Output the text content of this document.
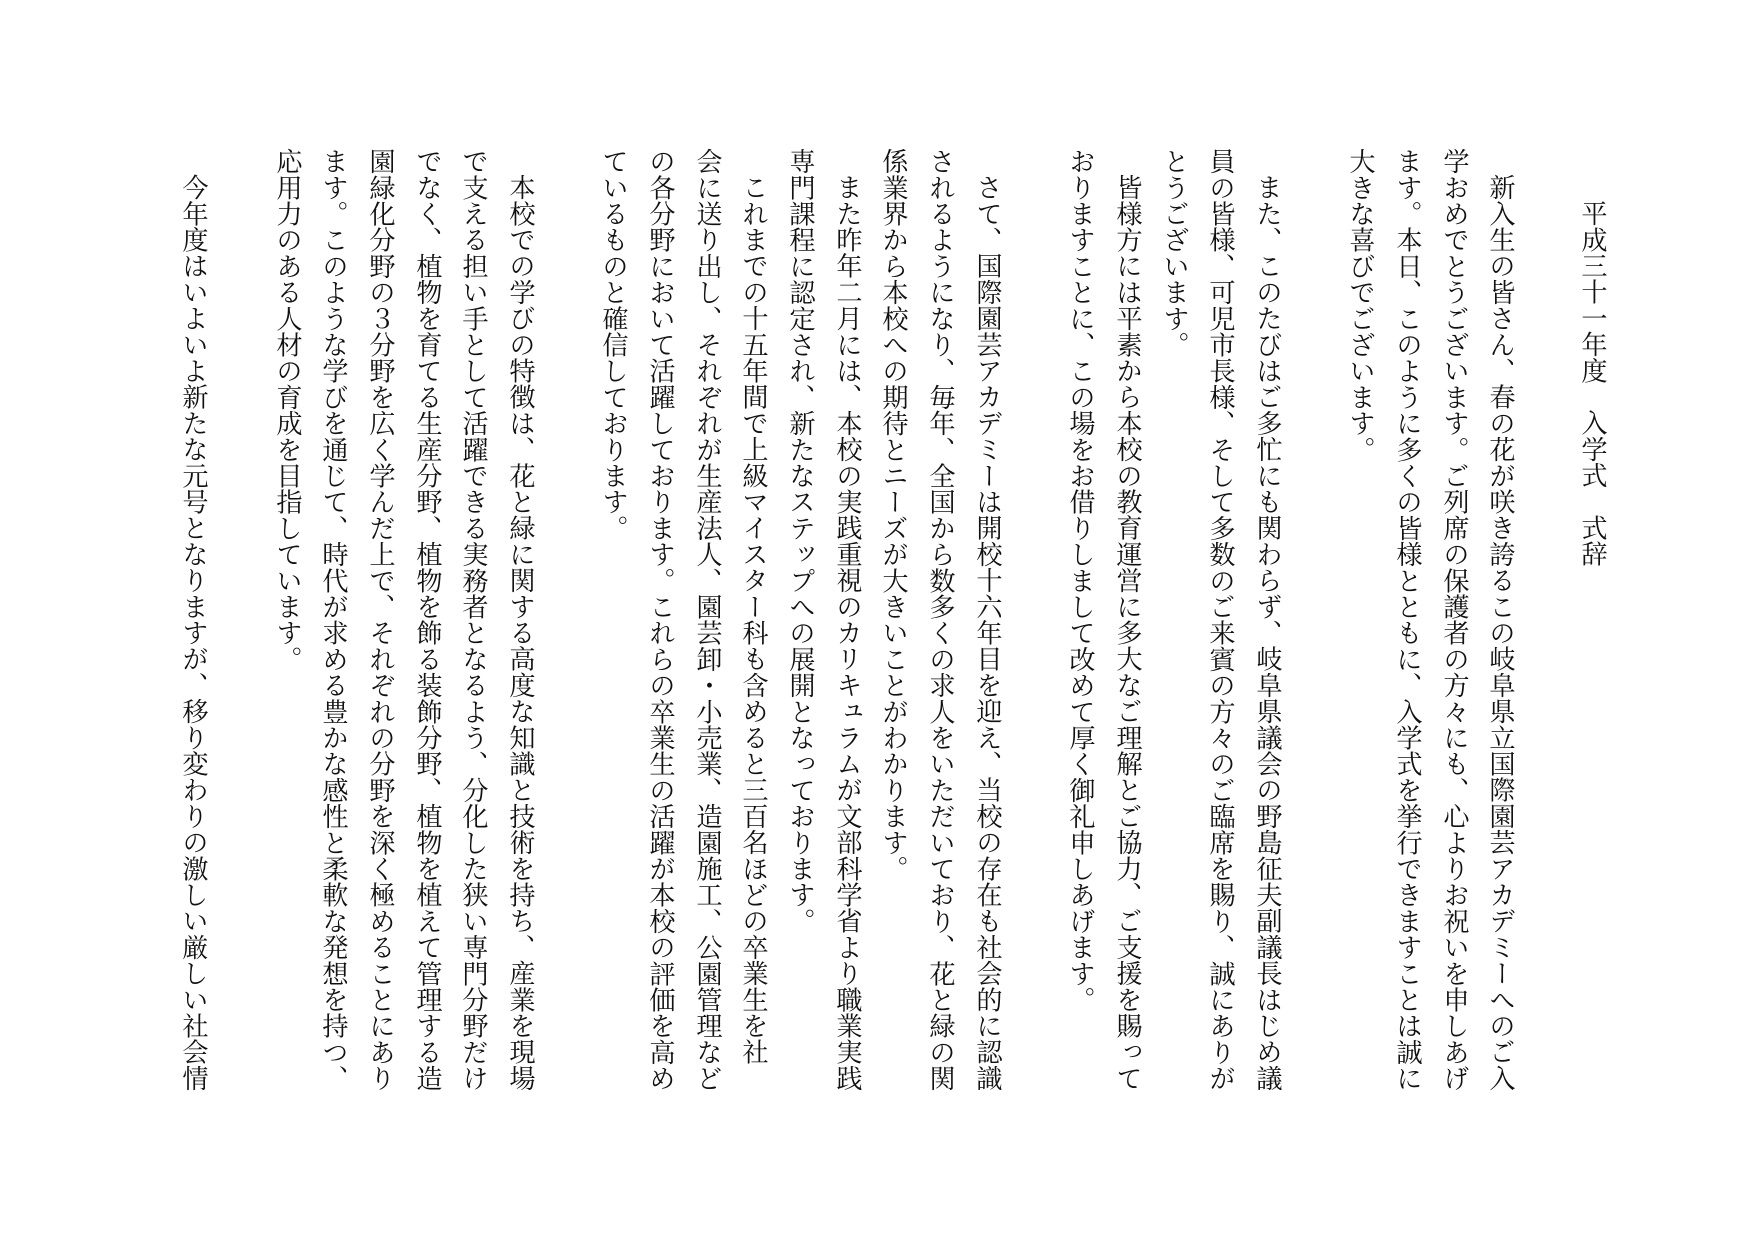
平成三十一年度　入学式　式辞
新入生の皆さん、春の花が咲き誇るこの岐阜県立国際園芸アカデミーへのご入
学おめでとうございます。ご列席の保護者の方々にも、心よりお祝いを申しあげ
ます。本日、このように多くの皆様とともに、入学式を挙行できますことは誠に
大きな喜びでございます。
また、このたびはご多忙にも関わらず、岐阜県議会の野島征夫副議長はじめ議
員の皆様、可児市長様、そして多数のご来賓の方々のご臨席を賜り、誠にありが
とうございます。
皆様方には平素から本校の教育運営に多大なご理解とご協力、ご支援を賜って
おりますことに、この場をお借りしまして改めて厚く御礼申しあげます。
さて、国際園芸アカデミーは開校十六年目を迎え、当校の存在も社会的に認識
されるようになり、毎年、全国から数多くの求人をいただいており、花と緑の関
係業界から本校への期待とニーズが大きいことがわかります。
また昨年二月には、本校の実践重視のカリキュラムが文部科学省より職業実践
専門課程に認定され、新たなステップへの展開となっております。
これまでの十五年間で上級マイスター科も含めると三百名ほどの卒業生を社
会に送り出し、それぞれが生産法人、園芸卸・小売業、造園施工、公園管理など
の各分野において活躍しております。これらの卒業生の活躍が本校の評価を高め
ているものと確信しております。
本校での学びの特徴は、花と緑に関する高度な知識と技術を持ち、産業を現場
で支える担い手として活躍できる実務者となるよう、分化した狭い専門分野だけ
でなく、植物を育てる生産分野、植物を飾る装飾分野、植物を植えて管理する造
園緑化分野の３分野を広く学んだ上で、それぞれの分野を深く極めることにあり
ます。このような学びを通じて、時代が求める豊かな感性と柔軟な発想を持つ、
応用力のある人材の育成を目指しています。
今年度はいよいよ新たな元号となりますが、移り変わりの激しい厳しい社会情
